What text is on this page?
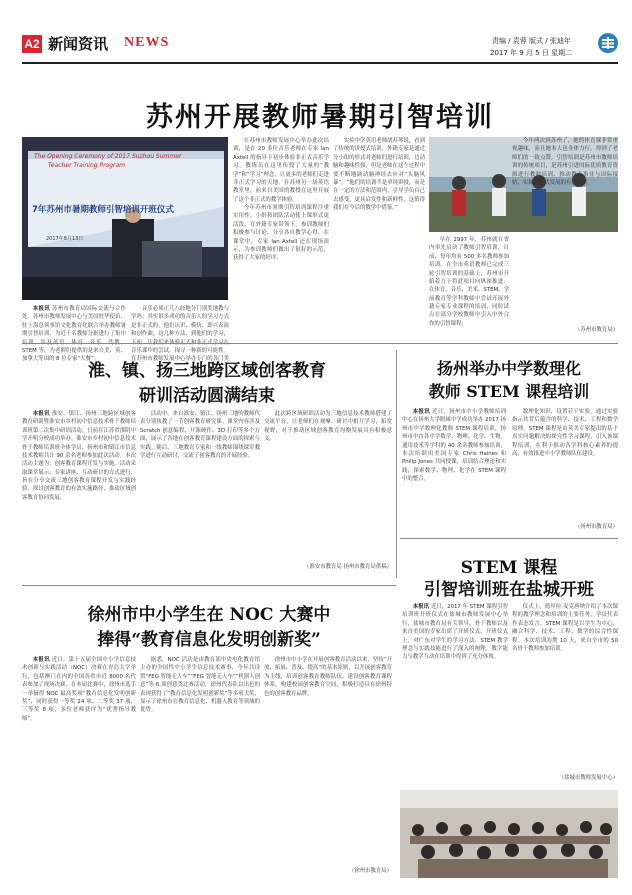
A2 新闻资讯 NEWS	责编 / 袁蓉 版式 / 张迪年
2017 年 9 月 5 日 星期二
苏州开展教师暑期引智培训
The Opening Ceremony of 2017 Suzhou Summer
Teacher Training Program
7年苏州市暑期教师引智培训开班仪式
2017年8月13日

本报讯 苏州市教育局国际交流与合作处、苏州市教师发展中心与美国驻华使馆、驻上海总领事馆文化教育化联合举办教师暑期引智培训，为近千名教师分批进行了集中 STEM 等，为老师们提供的是来自美、英、加拿大等国的 8 位专家“大餐”。

音乐必须正儿八经地分门别类地教与学吗；其实很多成功的音乐人的学习方式是非正式的，他们认识、模仿、即兴表演和创作曲，这几种方法，到他们的学习， 音乐课中的尝试，探寻一种新的可能性。在苏州市教师发展中心举办专门的各门类

在苏州市教师发展中心举办此次培训，是在 20 多位音乐老师在专家 Ian Axtell 的指导下初步体验非正式音乐学习。教练员在这里传授了大量的“教学”和“学习”理念，让更多的老师们走进非正式学习的天地。在苏州另一场英语教室里，前来自美国的教授在这里开展了这个非正式的教学体验。

今年苏州市暑期引智培训课程注重实用性，小组和团队活动使上课形式更活泼，在外籍专家带领下，参训教师们积极参与讨论，分享各自教学心得。在课堂中，专家 Ian Axtell 还在现场演示，为参训教师们做出了很好的示范，获得了大家的好评。

实验中学英语老师胡苏琴说，看到了传统的讲授式培训，外籍专家是通过分小组的形式对老师们进行培训，边动脑和趣味性强，但是老师在这个过程中要不断地调动脑神经去应对“头脑风暴”。“他们的培训不是单纯讲授，而是在一定的方法和范围内，引导学员自己去感受，更具启发性和新鲜性，这值得我们在今后的教学中借鉴。”

今年两次到苏州了，她的体育课非常重视趣味，而且她本人也身体力行，得到了老师们的一致点赞。引智培训是苏州市教师培训的传统项目，是苏州引进国际优质教育资源进行教师培训、推动教育事业与国际接轨、实现跨越式发展的有效探索。

早在 1997 年，苏州就在省内率先启动了教师引智培训，目前，每年均有 500 多名教师参加培训。在全市英语教师已完成三轮引智培训的基础上，苏州市开始着力于将此项目向纵深推进：在体育、音乐、美术、STEM、学前教育等学科教师中尝试开展外籍专家专业课程的培训，同时试点在部分学校教师中引入中外合作的引智课程。

（苏州市教育局）
淮、镇、扬三地跨区域创客教育
研训活动圆满结束

本报讯 淮安、镇江、扬州三地跨区域创客教育研训暨淮安市乡村初中信息技术骨干教师培训班第二次集中研训活动，日前在江苏省淮阴中学开明分校成功举办。淮安市乡村初中信息技术骨干教师培训班全体学员、扬州市和镇江市信息技术教师共计 90 余名老师参加此次活动。本次活动主题为：创客教育课程开发与实施。活动采取课堂展示、专家讲座、互动研讨的方式进行，旨在分享交流三地创客教育课程开发与实践经验，探讨创客教育的有效实施路径，推动区域创客教育协同发展。

活动中，来自淮安、镇江、扬州三地的教师代表分别执教了一节创客教育研究课。课堂内容涉及 Scratch 创意编程、开源硬件、3D 打印等多个方面，展示了各地在创客教育课程建设方面的探索与实践。随后，三地教育专家和一线教师围绕课堂教学进行互动研讨，交流了创客教育的开展经验。

此次跨区域研训活动为三地信息技术教师搭建了交流平台，让老师们在观摩、研讨中相互学习，拓宽视野，对于推动区域创客教育均衡发展具有积极意义。

（淮安市教育局 扬州市教育局供稿）
扬州举办中学数理化
教师 STEM 课程培训

本报讯 近日，扬州市中小学教师培训中心在扬州大学附属中学成功举办 2017 扬州市中学数理化教师 STEM 课程培训，扬州市中直各中学数学、物理、化学、生物、通用技术等学科的 40 余名教师参加培训，本次培训由美国专家 Chris Haines 和 Philip Jones 共同授课，培训结合理论和实践，探索数学、物理、化学在 STEM 课程中的整合。

数理化知识，设置若干实验，通过实验指示其背后蕴含的科学、技术、工程和数学原理。STEM 课程是由英美专家提出的基于真实问题解决的探究性学习课程，引入该课程培训，在利于推动各学科核心素养的提高，有效推进中小学教师队伍建设。

（扬州市教育局）
STEM 课程
引智培训班在盐城开班

本报讯 近日，2017 年 STEM 课程引智培训班开班仪式在盐城市教师发展中心举行，盐城市教育局有关领导、骨干教师以及来自美国的专家出席了开班仪式。开班仪式上，对广东对学生的学习方法、STEM 教学理念与实践技能进行了深入的阐释，教学能力与教学互动在培训中得到了充分体现。

仪式上，德岸拉·麦克唐纳介绍了本次课程的教学理念和培训的主要任务，学员代表作表态发言。STEM 课程是以学生为中心，融合科学、技术、工程、数学的综合性课程。本次培训为期 10 天，来自全市的 50 名骨干教师参加培训。

（盐城市教师发展中心）
徐州市中小学生在 NOC 大赛中
捧得“教育信息化发明创新奖”

本报讯 近日，第十五届全国中小学信息技术创新与实践活动（NOC）决赛在青岛大学举行，包括澳门在内的全国各省市近 8000 名代表参加了现场决赛。在本届比赛中，徐州市选手一举摘得 NOC 最高奖项“教育信息化发明创新奖”，同时获得一等奖 24 项、二等奖 37 项、三等奖 8 项，多位老师获评为“优秀指导教师”。

据悉，NOC 活动是由教育部中央电化教育馆主办的全国性中小学生信息技术赛事，今年共设置“FEG 智能无人车”“FEG 智能无人车”“机器人创意”等 6 项创意类比赛活动，徐州代表队以出色的表现获得了“教育信息化发明创新奖”等多项大奖，显示了徐州市在教育信息化、机器人教育等领域的优势。

徐州市中小学在开展创客教育活动以来，坚持“开放、拓展、普及、提高”的基本原则，以开展创客教育为主线，培训创客教育教师队伍，建设创客教育课程体系，构建校园创客教育空间，积极打造具有徐州特色的创客教育品牌。

（徐州市教育局）
